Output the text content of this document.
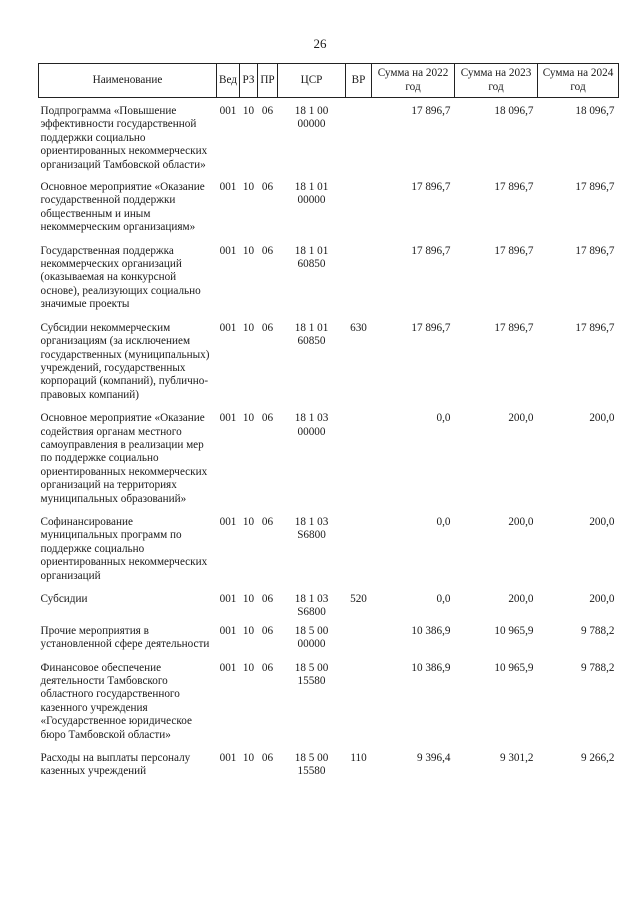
26
Наименование	Вед	РЗ	ПР	ЦСР	ВР	Сумма на 2022 год	Сумма на 2023 год	Сумма на 2024 год
Подпрограмма «Повышение эффективности государственной поддержки социально ориентированных некоммерческих организаций Тамбовской области»	001	10	06	18 1 00 00000		17 896,7	18 096,7	18 096,7
Основное мероприятие «Оказание государственной поддержки общественным и иным некоммерческим организациям»	001	10	06	18 1 01 00000		17 896,7	17 896,7	17 896,7
Государственная поддержка некоммерческих организаций (оказываемая на конкурсной основе), реализующих социально значимые проекты	001	10	06	18 1 01 60850		17 896,7	17 896,7	17 896,7
Субсидии некоммерческим организациям (за исключением государственных (муниципальных) учреждений, государственных корпораций (компаний), публично-правовых компаний)	001	10	06	18 1 01 60850	630	17 896,7	17 896,7	17 896,7
Основное мероприятие «Оказание содействия органам местного самоуправления в реализации мер по поддержке социально ориентированных некоммерческих организаций на территориях муниципальных образований»	001	10	06	18 1 03 00000		0,0	200,0	200,0
Софинансирование муниципальных программ по поддержке социально ориентированных некоммерческих организаций	001	10	06	18 1 03 S6800		0,0	200,0	200,0
Субсидии	001	10	06	18 1 03 S6800	520	0,0	200,0	200,0
Прочие мероприятия в установленной сфере деятельности	001	10	06	18 5 00 00000		10 386,9	10 965,9	9 788,2
Финансовое обеспечение деятельности Тамбовского областного государственного казенного учреждения «Государственное юридическое бюро Тамбовской области»	001	10	06	18 5 00 15580		10 386,9	10 965,9	9 788,2
Расходы на выплаты персоналу казенных учреждений	001	10	06	18 5 00 15580	110	9 396,4	9 301,2	9 266,2
